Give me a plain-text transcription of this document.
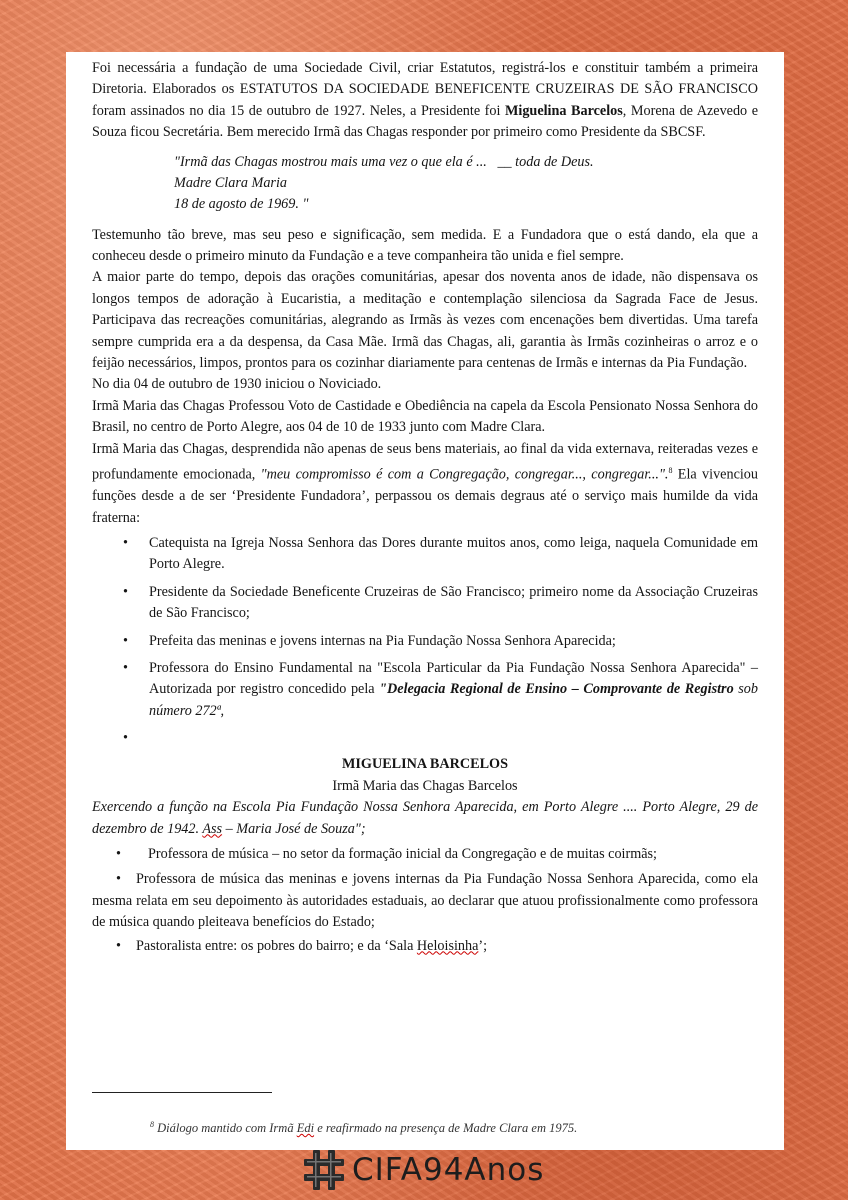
Foi necessária a fundação de uma Sociedade Civil, criar Estatutos, registrá-los e constituir também a primeira Diretoria. Elaborados os ESTATUTOS DA SOCIEDADE BENEFICENTE CRUZEIRAS DE SÃO FRANCISCO foram assinados no dia 15 de outubro de 1927. Neles, a Presidente foi Miguelina Barcelos, Morena de Azevedo e Souza ficou Secretária. Bem merecido Irmã das Chagas responder por primeiro como Presidente da SBCSF.

"Irmã das Chagas mostrou mais uma vez o que ela é ...   __ toda de Deus.
Madre Clara Maria
18 de agosto de 1969. "

Testemunho tão breve, mas seu peso e significação, sem medida. E a Fundadora que o está dando, ela que a conheceu desde o primeiro minuto da Fundação e a teve companheira tão unida e fiel sempre.

A maior parte do tempo, depois das orações comunitárias, apesar dos noventa anos de idade, não dispensava os longos tempos de adoração à Eucaristia, a meditação e contemplação silenciosa da Sagrada Face de Jesus. Participava das recreações comunitárias, alegrando as Irmãs às vezes com encenações bem divertidas. Uma tarefa sempre cumprida era a da despensa, da Casa Mãe. Irmã das Chagas, ali, garantia às Irmãs cozinheiras o arroz e o feijão necessários, limpos, prontos para os cozinhar diariamente para centenas de Irmãs e internas da Pia Fundação.

No dia 04 de outubro de 1930 iniciou o Noviciado.

Irmã Maria das Chagas Professou Voto de Castidade e Obediência na capela da Escola Pensionato Nossa Senhora do Brasil, no centro de Porto Alegre, aos 04 de 10 de 1933 junto com Madre Clara.

Irmã Maria das Chagas, desprendida não apenas de seus bens materiais, ao final da vida externava, reiteradas vezes e profundamente emocionada, "meu compromisso é com a Congregação, congregar..., congregar...".$^8$ Ela vivenciou funções desde a de ser ‘Presidente Fundadora’, perpassou os demais degraus até o serviço mais humilde da vida fraterna:

• Catequista na Igreja Nossa Senhora das Dores durante muitos anos, como leiga, naquela Comunidade em Porto Alegre.
• Presidente da Sociedade Beneficente Cruzeiras de São Francisco; primeiro nome da Associação Cruzeiras de São Francisco;
• Prefeita das meninas e jovens internas na Pia Fundação Nossa Senhora Aparecida;
• Professora do Ensino Fundamental na "Escola Particular da Pia Fundação Nossa Senhora Aparecida" – Autorizada por registro concedido pela "Delegacia Regional de Ensino – Comprovante de Registro sob número 272ª,
•

MIGUELINA BARCELOS

Irmã Maria das Chagas Barcelos

Exercendo a função na Escola Pia Fundação Nossa Senhora Aparecida, em Porto Alegre .... Porto Alegre, 29 de dezembro de 1942. Ass – Maria José de Souza";

• Professora de música – no setor da formação inicial da Congregação e de muitas coirmãs;

• Professora de música das meninas e jovens internas da Pia Fundação Nossa Senhora Aparecida, como ela mesma relata em seu depoimento às autoridades estaduais, ao declarar que atuou profissionalmente como professora de música quando pleiteava benefícios do Estado;

• Pastoralista entre: os pobres do bairro; e da ‘Sala Heloisinha’;

$^8$ Diálogo mantido com Irmã Edi e reafirmado na presença de Madre Clara em 1975.
CIFA94Anos
